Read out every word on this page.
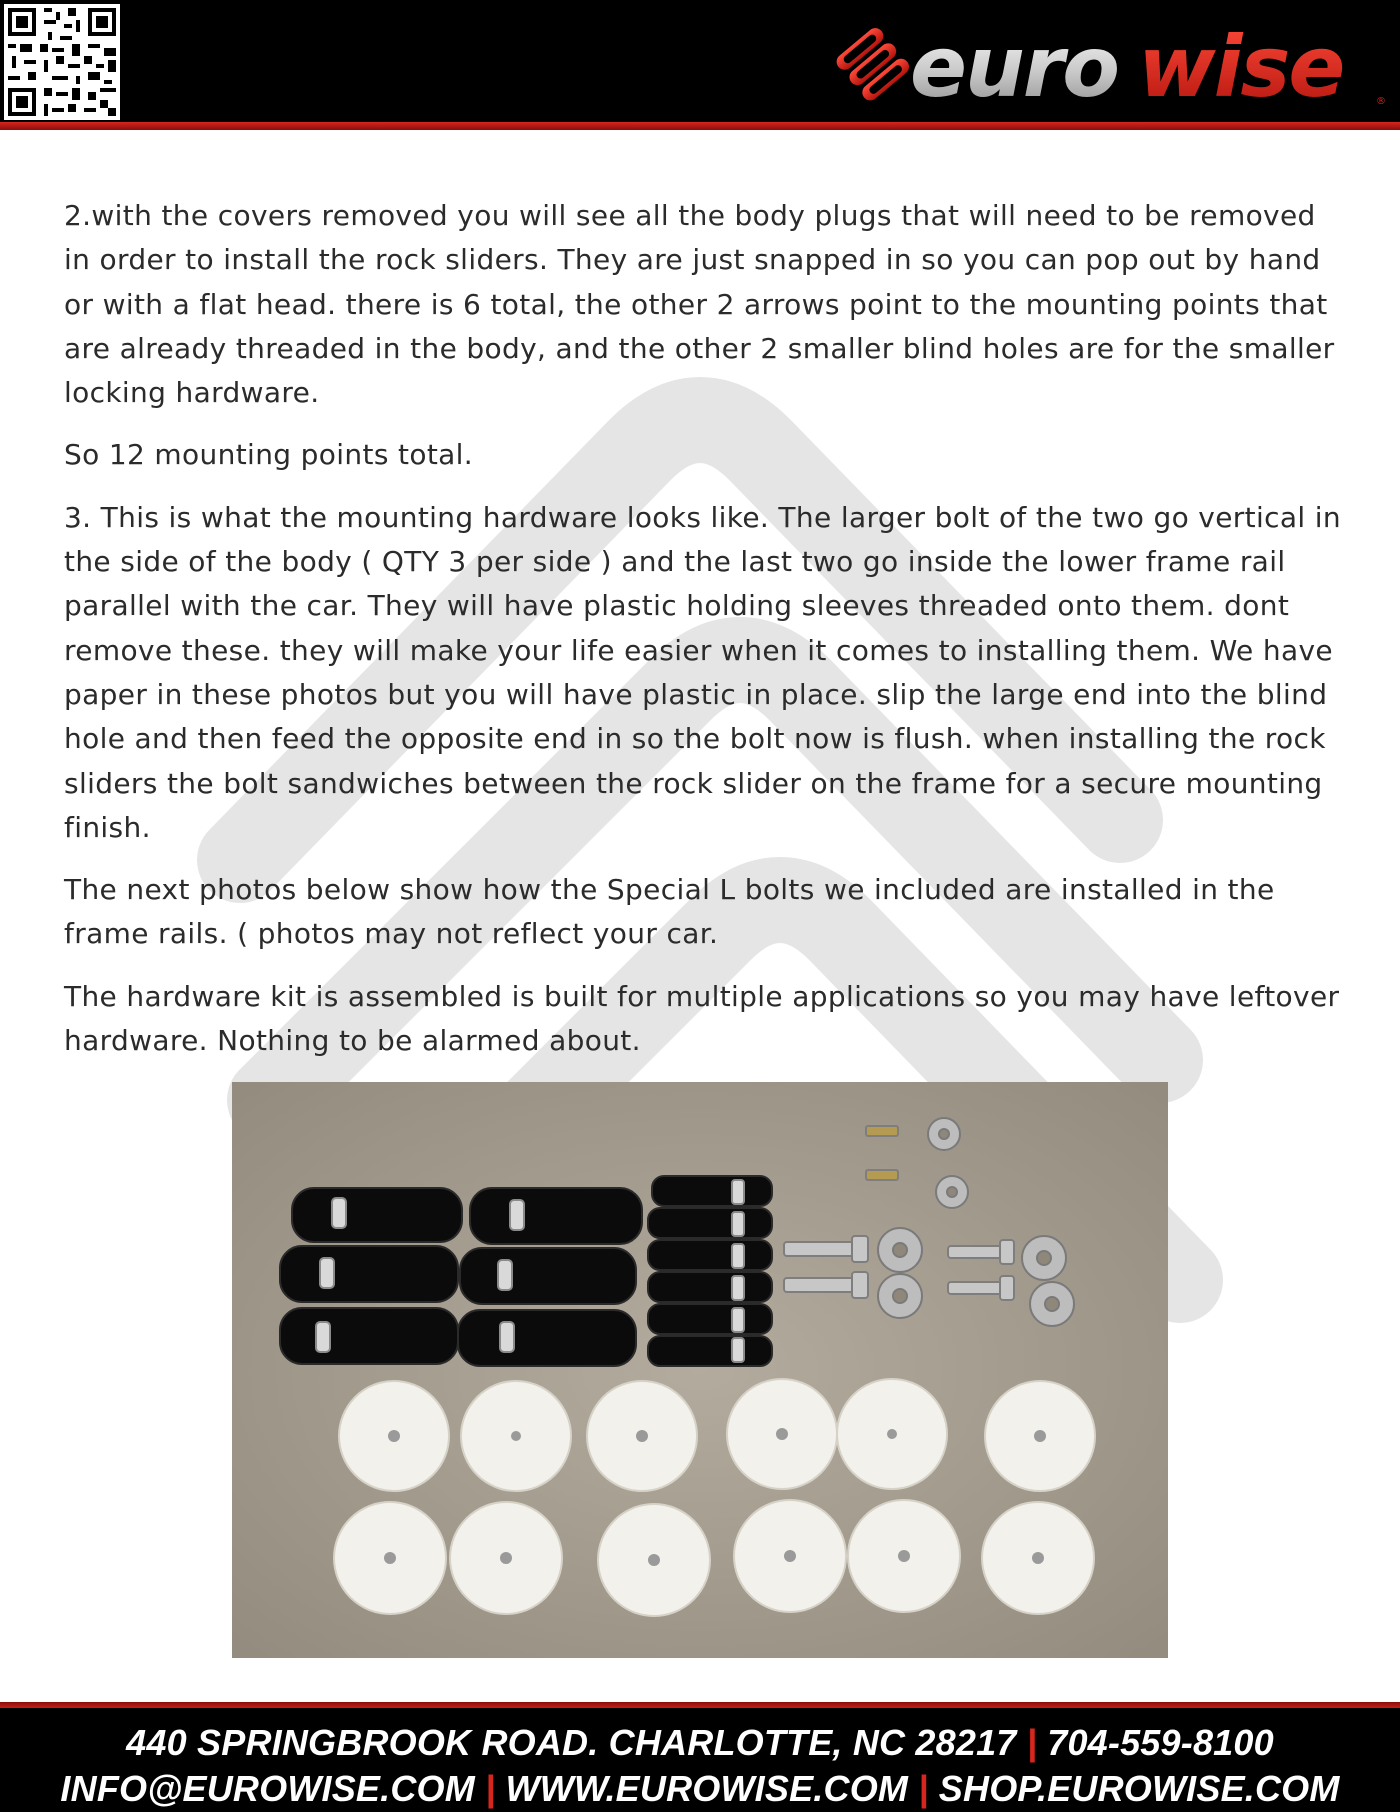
euro wise	®

2.with the covers removed you will see all the body plugs that will need to be removed in order to install the rock sliders. They are just snapped in so you can pop out by hand or with a flat head. there is 6 total, the other 2 arrows point to the mounting points that are already threaded in the body, and the other 2 smaller blind holes are for the smaller locking hardware.

So 12 mounting points total.

3. This is what the mounting hardware looks like. The larger bolt of the two go vertical in the side of the body ( QTY 3 per side ) and the last two go inside the lower frame rail parallel with the car. They will have plastic holding sleeves threaded onto them. dont remove these. they will make your life easier when it comes to installing them. We have paper in these photos but you will have plastic in place. slip the large end into the blind hole and then feed the opposite end in so the bolt now is flush. when installing the rock sliders the bolt sandwiches between the rock slider on the frame for a secure mounting finish.

The next photos below show how the Special L bolts we included are installed in the frame rails. ( photos may not reflect your car.

The hardware kit is assembled is built for multiple applications so you may have leftover hardware. Nothing to be alarmed about.

440 SPRINGBROOK ROAD. CHARLOTTE, NC 28217 | 704-559-8100
INFO@EUROWISE.COM | WWW.EUROWISE.COM | SHOP.EUROWISE.COM
